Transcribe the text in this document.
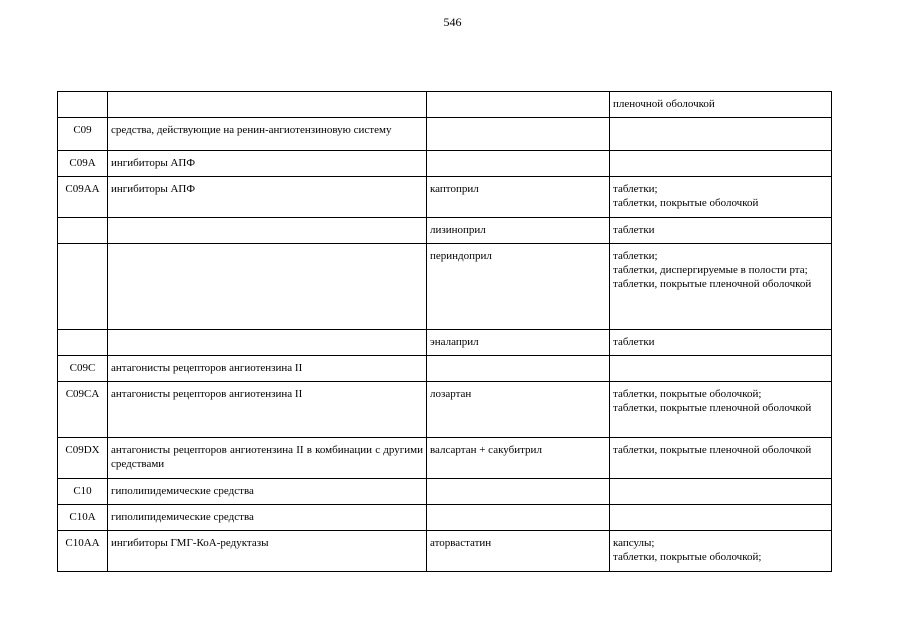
546

			пленочной оболочкой

C09	средства, действующие на ренин-ангиотензиновую систему		

C09A	ингибиторы АПФ		

C09AA	ингибиторы АПФ	каптоприл	таблетки;
таблетки, покрытые оболочкой

		лизиноприл	таблетки

		периндоприл	таблетки;
таблетки, диспергируемые в полости рта;
таблетки, покрытые пленочной оболочкой

		эналаприл	таблетки

C09C	антагонисты рецепторов ангиотензина II		

C09CA	антагонисты рецепторов ангиотензина II	лозартан	таблетки, покрытые оболочкой;
таблетки, покрытые пленочной оболочкой

C09DX	антагонисты рецепторов ангиотензина II в комбинации с другими средствами	валсартан + сакубитрил	таблетки, покрытые пленочной оболочкой

C10	гиполипидемические средства		

C10A	гиполипидемические средства		

C10AA	ингибиторы ГМГ-КоА-редуктазы	аторвастатин	капсулы;
таблетки, покрытые оболочкой;
